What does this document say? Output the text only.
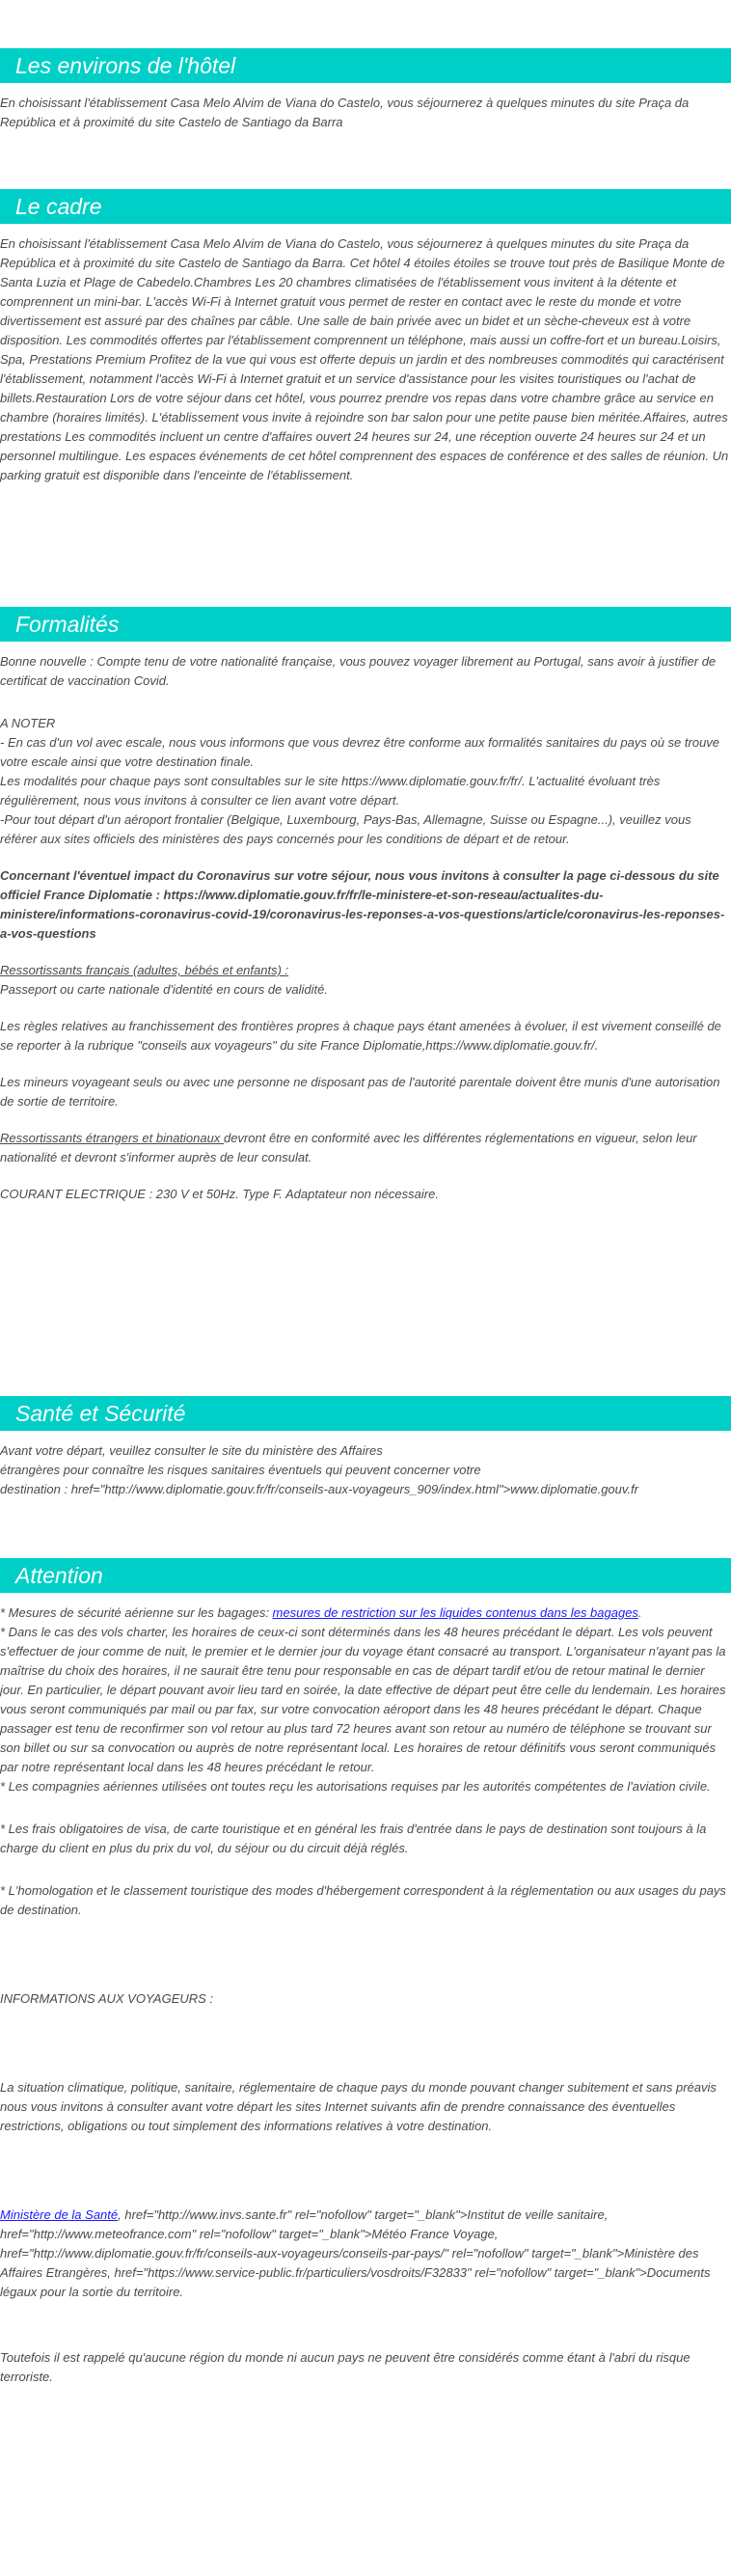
Les environs de l'hôtel

En choisissant l'établissement Casa Melo Alvim de Viana do Castelo, vous séjournerez à quelques minutes du site Praça da República et à proximité du site Castelo de Santiago da Barra

Le cadre

En choisissant l'établissement Casa Melo Alvim de Viana do Castelo, vous séjournerez à quelques minutes du site Praça da República et à proximité du site Castelo de Santiago da Barra. Cet hôtel 4 étoiles étoiles se trouve tout près de Basilique Monte de Santa Luzia et Plage de Cabedelo.Chambres Les 20 chambres climatisées de l'établissement vous invitent à la détente et comprennent un mini-bar. L'accès Wi-Fi à Internet gratuit vous permet de rester en contact avec le reste du monde et votre divertissement est assuré par des chaînes par câble. Une salle de bain privée avec un bidet et un sèche-cheveux est à votre disposition. Les commodités offertes par l'établissement comprennent un téléphone, mais aussi un coffre-fort et un bureau.Loisirs, Spa, Prestations Premium Profitez de la vue qui vous est offerte depuis un jardin et des nombreuses commodités qui caractérisent l'établissement, notamment l'accès Wi-Fi à Internet gratuit et un service d'assistance pour les visites touristiques ou l'achat de billets.Restauration Lors de votre séjour dans cet hôtel, vous pourrez prendre vos repas dans votre chambre grâce au service en chambre (horaires limités). L'établissement vous invite à rejoindre son bar salon pour une petite pause bien méritée.Affaires, autres prestations Les commodités incluent un centre d'affaires ouvert 24 heures sur 24, une réception ouverte 24 heures sur 24 et un personnel multilingue. Les espaces événements de cet hôtel comprennent des espaces de conférence et des salles de réunion. Un parking gratuit est disponible dans l'enceinte de l'établissement.

Formalités

Bonne nouvelle : Compte tenu de votre nationalité française, vous pouvez voyager librement au Portugal, sans avoir à justifier de certificat de vaccination Covid.

A NOTER

- En cas d'un vol avec escale, nous vous informons que vous devrez être conforme aux formalités sanitaires du pays où se trouve votre escale ainsi que votre destination finale.

Les modalités pour chaque pays sont consultables sur le site https://www.diplomatie.gouv.fr/fr/. L'actualité évoluant très régulièrement, nous vous invitons à consulter ce lien avant votre départ.

-Pour tout départ d'un aéroport frontalier (Belgique, Luxembourg, Pays-Bas, Allemagne, Suisse ou Espagne...), veuillez vous référer aux sites officiels des ministères des pays concernés pour les conditions de départ et de retour.

Concernant l'éventuel impact du Coronavirus sur votre séjour, nous vous invitons à consulter la page ci-dessous du site officiel France Diplomatie : https://www.diplomatie.gouv.fr/fr/le-ministere-et-son-reseau/actualites-du-ministere/informations-coronavirus-covid-19/coronavirus-les-reponses-a-vos-questions/article/coronavirus-les-reponses-a-vos-questions

Ressortissants français (adultes, bébés et enfants) :

Passeport ou carte nationale d'identité en cours de validité.

Les règles relatives au franchissement des frontières propres à chaque pays étant amenées à évoluer, il est vivement conseillé de se reporter à la rubrique "conseils aux voyageurs" du site France Diplomatie,https://www.diplomatie.gouv.fr/.

Les mineurs voyageant seuls ou avec une personne ne disposant pas de l'autorité parentale doivent être munis d'une autorisation de sortie de territoire.

Ressortissants étrangers et binationaux devront être en conformité avec les différentes réglementations en vigueur, selon leur nationalité et devront s'informer auprès de leur consulat.

COURANT ELECTRIQUE : 230 V et 50Hz. Type F. Adaptateur non nécessaire.

Santé et Sécurité

Avant votre départ, veuillez consulter le site du ministère des Affaires

étrangères pour connaître les risques sanitaires éventuels qui peuvent concerner votre

destination : href="http://www.diplomatie.gouv.fr/fr/conseils-aux-voyageurs_909/index.html">www.diplomatie.gouv.fr

Attention

* Mesures de sécurité aérienne sur les bagages: mesures de restriction sur les liquides contenus dans les bagages.

* Dans le cas des vols charter, les horaires de ceux-ci sont déterminés dans les 48 heures précédant le départ. Les vols peuvent s'effectuer de jour comme de nuit, le premier et le dernier jour du voyage étant consacré au transport. L'organisateur n'ayant pas la maîtrise du choix des horaires, il ne saurait être tenu pour responsable en cas de départ tardif et/ou de retour matinal le dernier jour. En particulier, le départ pouvant avoir lieu tard en soirée, la date effective de départ peut être celle du lendemain. Les horaires vous seront communiqués par mail ou par fax, sur votre convocation aéroport dans les 48 heures précédant le départ. Chaque passager est tenu de reconfirmer son vol retour au plus tard 72 heures avant son retour au numéro de téléphone se trouvant sur son billet ou sur sa convocation ou auprès de notre représentant local. Les horaires de retour définitifs vous seront communiqués par notre représentant local dans les 48 heures précédant le retour.

* Les compagnies aériennes utilisées ont toutes reçu les autorisations requises par les autorités compétentes de l'aviation civile.

* Les frais obligatoires de visa, de carte touristique et en général les frais d'entrée dans le pays de destination sont toujours à la charge du client en plus du prix du vol, du séjour ou du circuit déjà réglés.

* L'homologation et le classement touristique des modes d'hébergement correspondent à la réglementation ou aux usages du pays de destination.

INFORMATIONS AUX VOYAGEURS :

La situation climatique, politique, sanitaire, réglementaire de chaque pays du monde pouvant changer subitement et sans préavis

nous vous invitons à consulter avant votre départ les sites Internet suivants afin de prendre connaissance des éventuelles restrictions, obligations ou tout simplement des informations relatives à votre destination.

Ministère de la Santé, href="http://www.invs.sante.fr" rel="nofollow" target="_blank">Institut de veille sanitaire, href="http://www.meteofrance.com" rel="nofollow" target="_blank">Météo France Voyage, href="http://www.diplomatie.gouv.fr/fr/conseils-aux-voyageurs/conseils-par-pays/" rel="nofollow" target="_blank">Ministère des Affaires Etrangères, href="https://www.service-public.fr/particuliers/vosdroits/F32833" rel="nofollow" target="_blank">Documents légaux pour la sortie du territoire.

Toutefois il est rappelé qu'aucune région du monde ni aucun pays ne peuvent être considérés comme étant à l'abri du risque terroriste.
